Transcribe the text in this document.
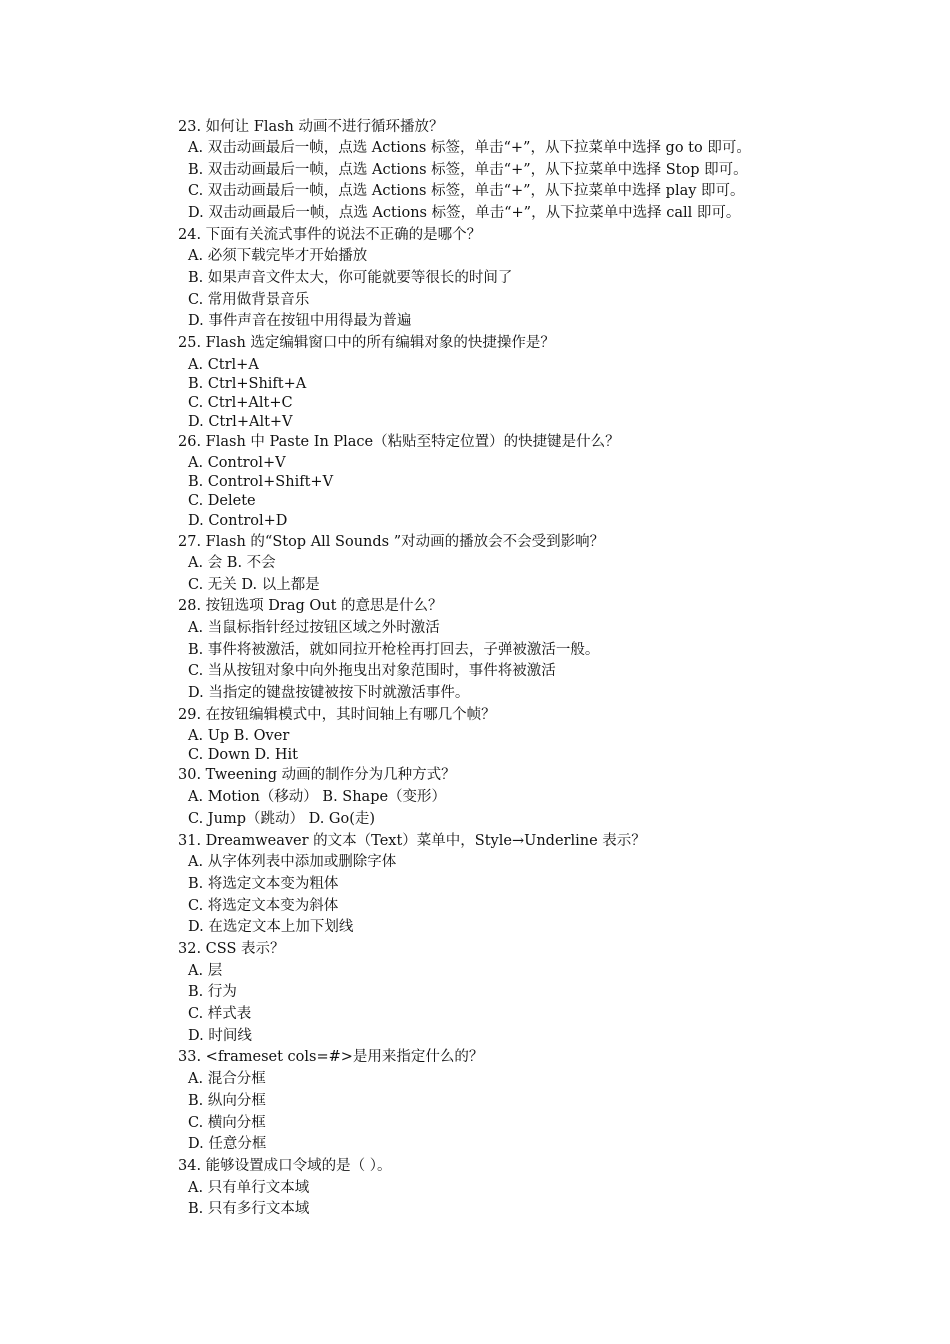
23. 如何让 Flash 动画不进行循环播放？
A. 双击动画最后一帧，点选 Actions 标签，单击“+”，从下拉菜单中选择 go to 即可。
B. 双击动画最后一帧，点选 Actions 标签，单击“+”，从下拉菜单中选择 Stop 即可。
C. 双击动画最后一帧，点选 Actions 标签，单击“+”，从下拉菜单中选择 play 即可。
D. 双击动画最后一帧，点选 Actions 标签，单击“+”，从下拉菜单中选择 call 即可。
24. 下面有关流式事件的说法不正确的是哪个？
A. 必须下载完毕才开始播放
B. 如果声音文件太大，你可能就要等很长的时间了
C. 常用做背景音乐
D. 事件声音在按钮中用得最为普遍
25. Flash 选定编辑窗口中的所有编辑对象的快捷操作是？
A. Ctrl+A
B. Ctrl+Shift+A
C. Ctrl+Alt+C
D. Ctrl+Alt+V
26. Flash 中 Paste In Place（粘贴至特定位置）的快捷键是什么？
A. Control+V
B. Control+Shift+V
C. Delete
D. Control+D
27. Flash 的“Stop All Sounds ”对动画的播放会不会受到影响？
A. 会 B. 不会
C. 无关 D. 以上都是
28. 按钮选项 Drag Out 的意思是什么？
A. 当鼠标指针经过按钮区域之外时激活
B. 事件将被激活，就如同拉开枪栓再打回去，子弹被激活一般。
C. 当从按钮对象中向外拖曳出对象范围时，事件将被激活
D. 当指定的键盘按键被按下时就激活事件。
29. 在按钮编辑模式中，其时间轴上有哪几个帧？
A. Up B. Over
C. Down D. Hit
30. Tweening 动画的制作分为几种方式？
A. Motion（移动） B. Shape（变形）
C. Jump（跳动） D. Go(走)
31. Dreamweaver 的文本（Text）菜单中，Style→Underline 表示？
A. 从字体列表中添加或删除字体
B. 将选定文本变为粗体
C. 将选定文本变为斜体
D. 在选定文本上加下划线
32. CSS 表示？
A. 层
B. 行为
C. 样式表
D. 时间线
33. <frameset cols=#>是用来指定什么的？
A. 混合分框
B. 纵向分框
C. 横向分框
D. 任意分框
34. 能够设置成口令域的是（ ）。
A. 只有单行文本域
B. 只有多行文本域
